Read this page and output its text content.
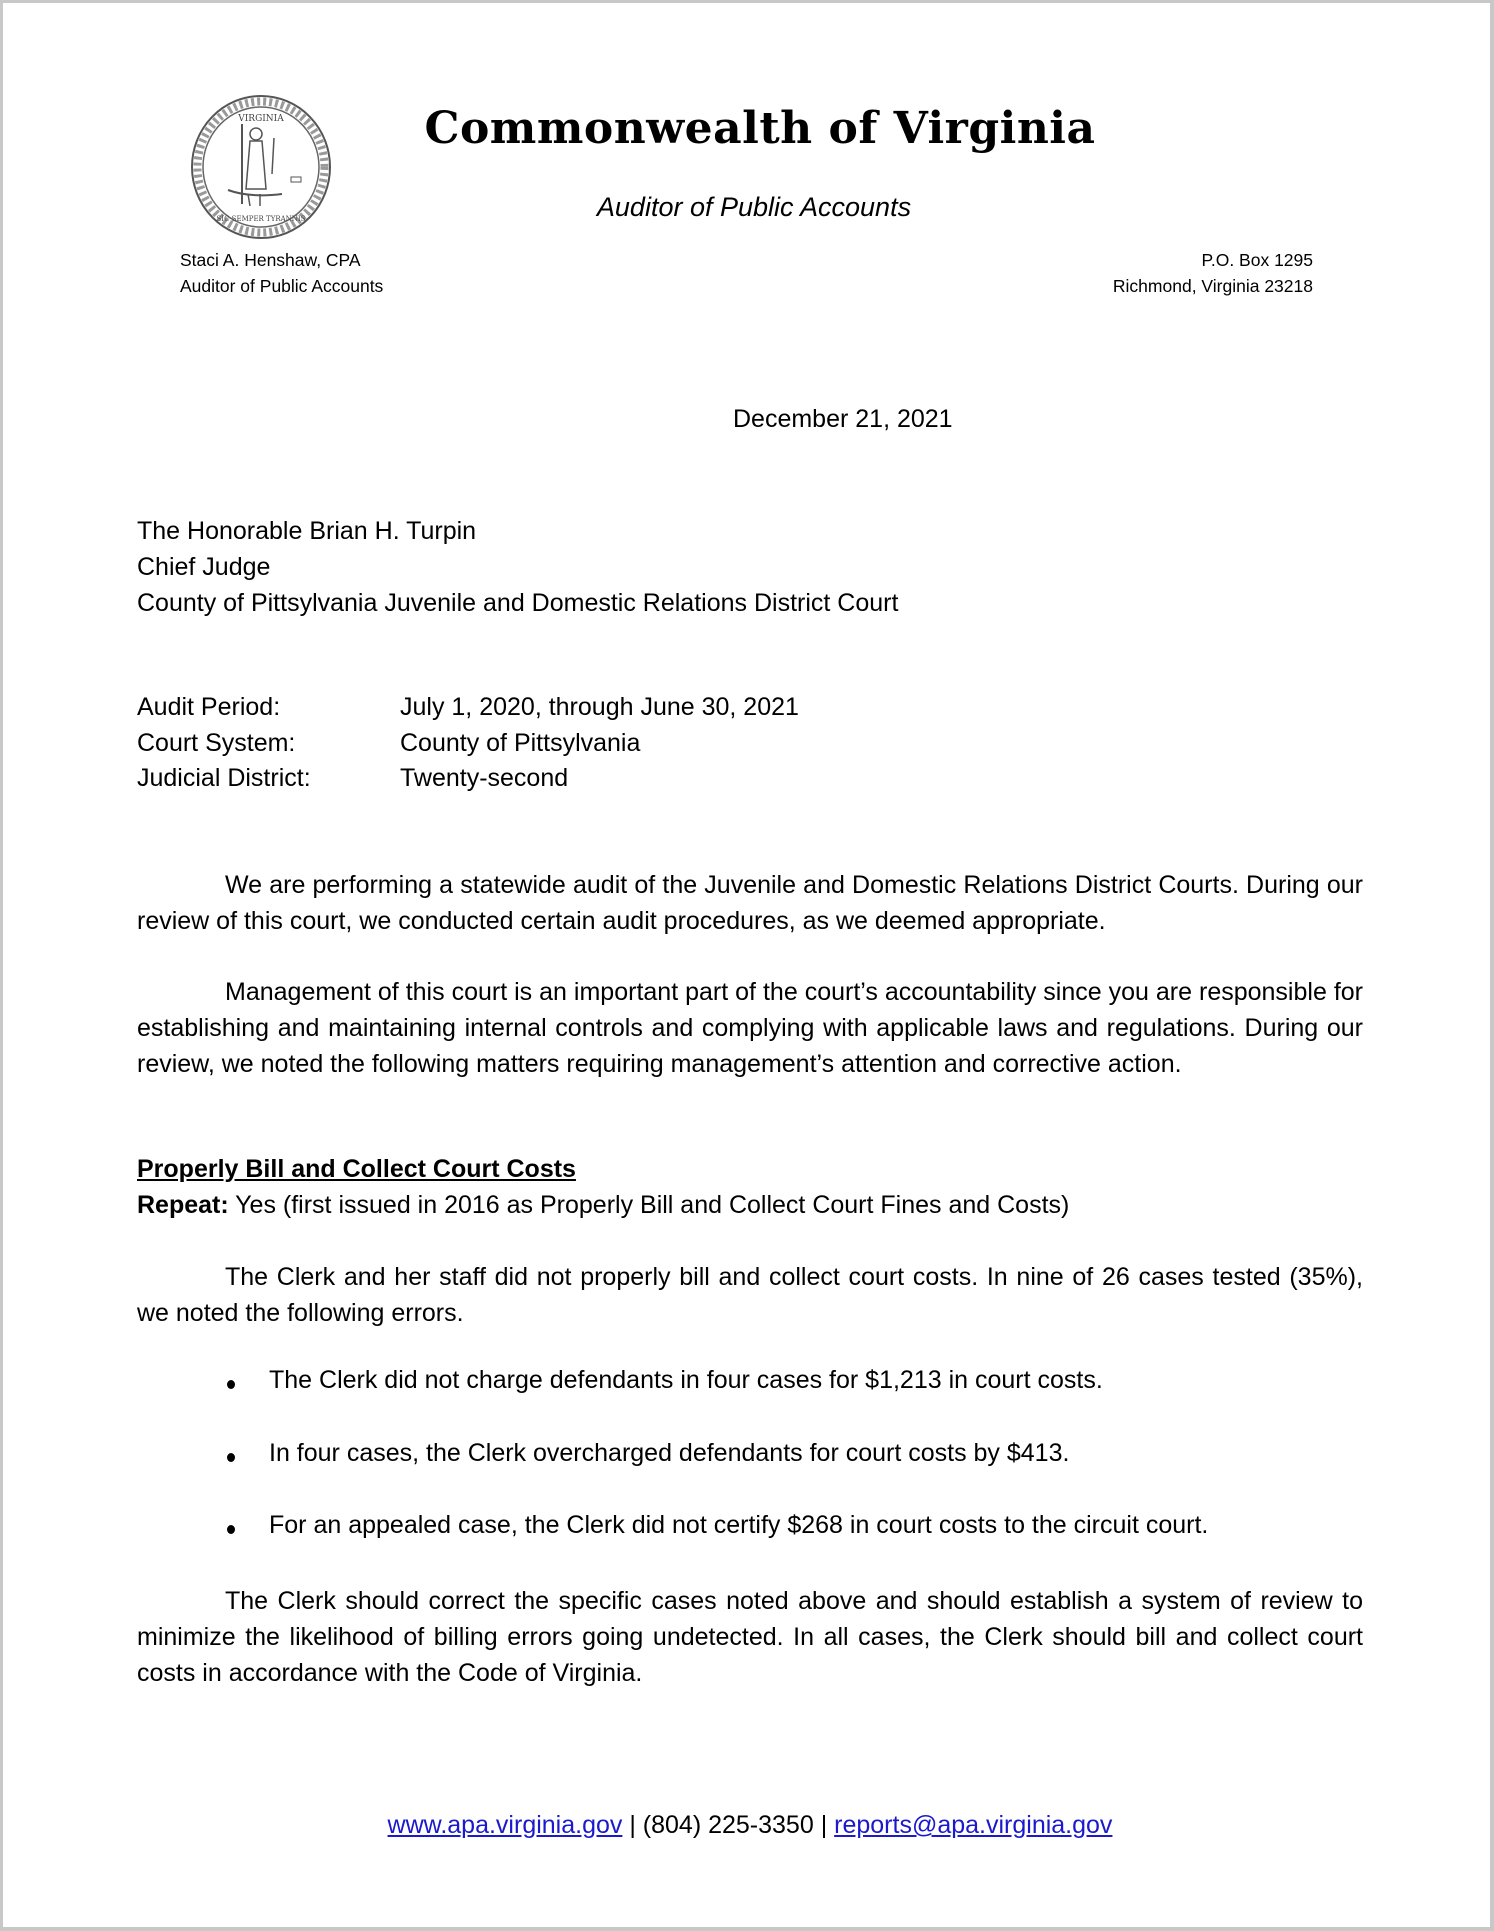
VIRGINIA
SIC SEMPER TYRANNIS
Commonwealth of Virginia
Auditor of Public Accounts
Staci A. Henshaw, CPA
Auditor of Public Accounts
P.O. Box 1295
Richmond, Virginia 23218
December 21, 2021
The Honorable Brian H. Turpin
Chief Judge
County of Pittsylvania Juvenile and Domestic Relations District Court
Audit Period:	July 1, 2020, through June 30, 2021
Court System:	County of Pittsylvania
Judicial District:	Twenty-second
We are performing a statewide audit of the Juvenile and Domestic Relations District Courts. During our review of this court, we conducted certain audit procedures, as we deemed appropriate.
Management of this court is an important part of the court’s accountability since you are responsible for establishing and maintaining internal controls and complying with applicable laws and regulations. During our review, we noted the following matters requiring management’s attention and corrective action.
Properly Bill and Collect Court Costs
Repeat: Yes (first issued in 2016 as Properly Bill and Collect Court Fines and Costs)
The Clerk and her staff did not properly bill and collect court costs. In nine of 26 cases tested (35%), we noted the following errors.
The Clerk did not charge defendants in four cases for $1,213 in court costs.
In four cases, the Clerk overcharged defendants for court costs by $413.
For an appealed case, the Clerk did not certify $268 in court costs to the circuit court.
The Clerk should correct the specific cases noted above and should establish a system of review to minimize the likelihood of billing errors going undetected. In all cases, the Clerk should bill and collect court costs in accordance with the Code of Virginia.
www.apa.virginia.gov | (804) 225-3350 | reports@apa.virginia.gov
